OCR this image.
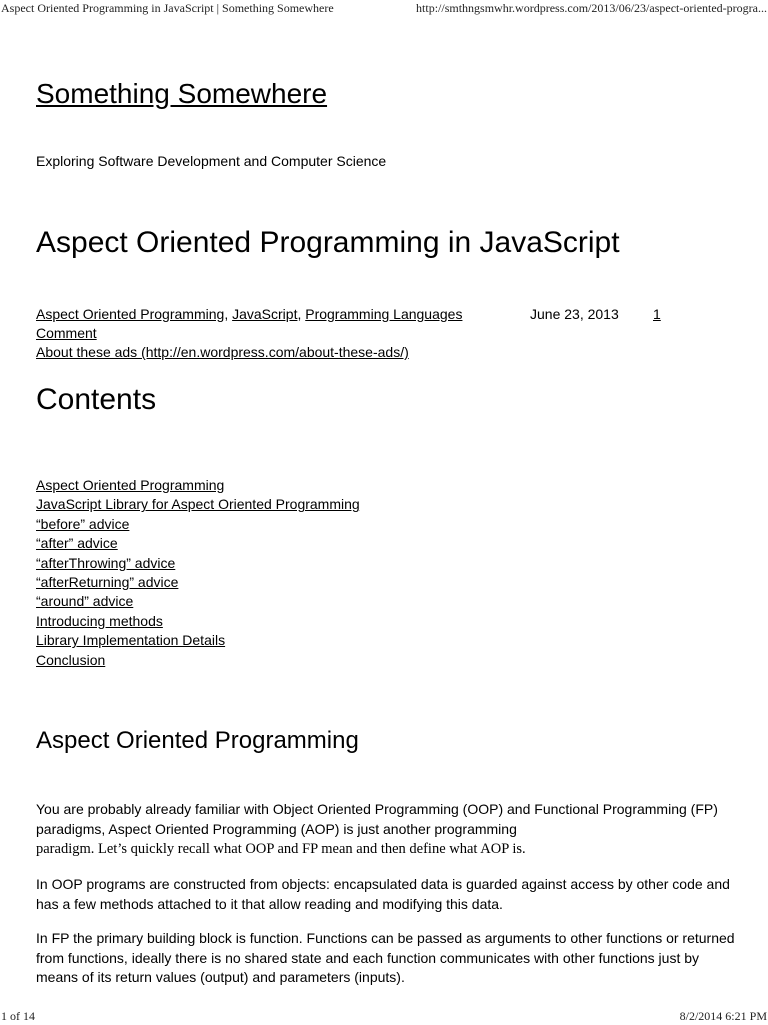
Aspect Oriented Programming in JavaScript | Something Somewhere	http://smthngsmwhr.wordpress.com/2013/06/23/aspect-oriented-progra...
Something Somewhere

Exploring Software Development and Computer Science

Aspect Oriented Programming in JavaScript
Aspect Oriented Programming, JavaScript, Programming Languages	June 23, 2013 1
Comment
About these ads (http://en.wordpress.com/about-these-ads/)
Contents
Aspect Oriented Programming
JavaScript Library for Aspect Oriented Programming
“before” advice
“after” advice
“afterThrowing” advice
“afterReturning” advice
“around” advice
Introducing methods
Library Implementation Details
Conclusion
Aspect Oriented Programming

You are probably already familiar with Object Oriented Programming (OOP) and Functional Programming (FP) paradigms, Aspect Oriented Programming (AOP) is just another programming
paradigm. Let’s quickly recall what OOP and FP mean and then define what AOP is.

In OOP programs are constructed from objects: encapsulated data is guarded against access by other code and has a few methods attached to it that allow reading and modifying this data.

In FP the primary building block is function. Functions can be passed as arguments to other functions or returned from functions, ideally there is no shared state and each function communicates with other functions just by means of its return values (output) and parameters (inputs).

1 of 14	8/2/2014 6:21 PM
